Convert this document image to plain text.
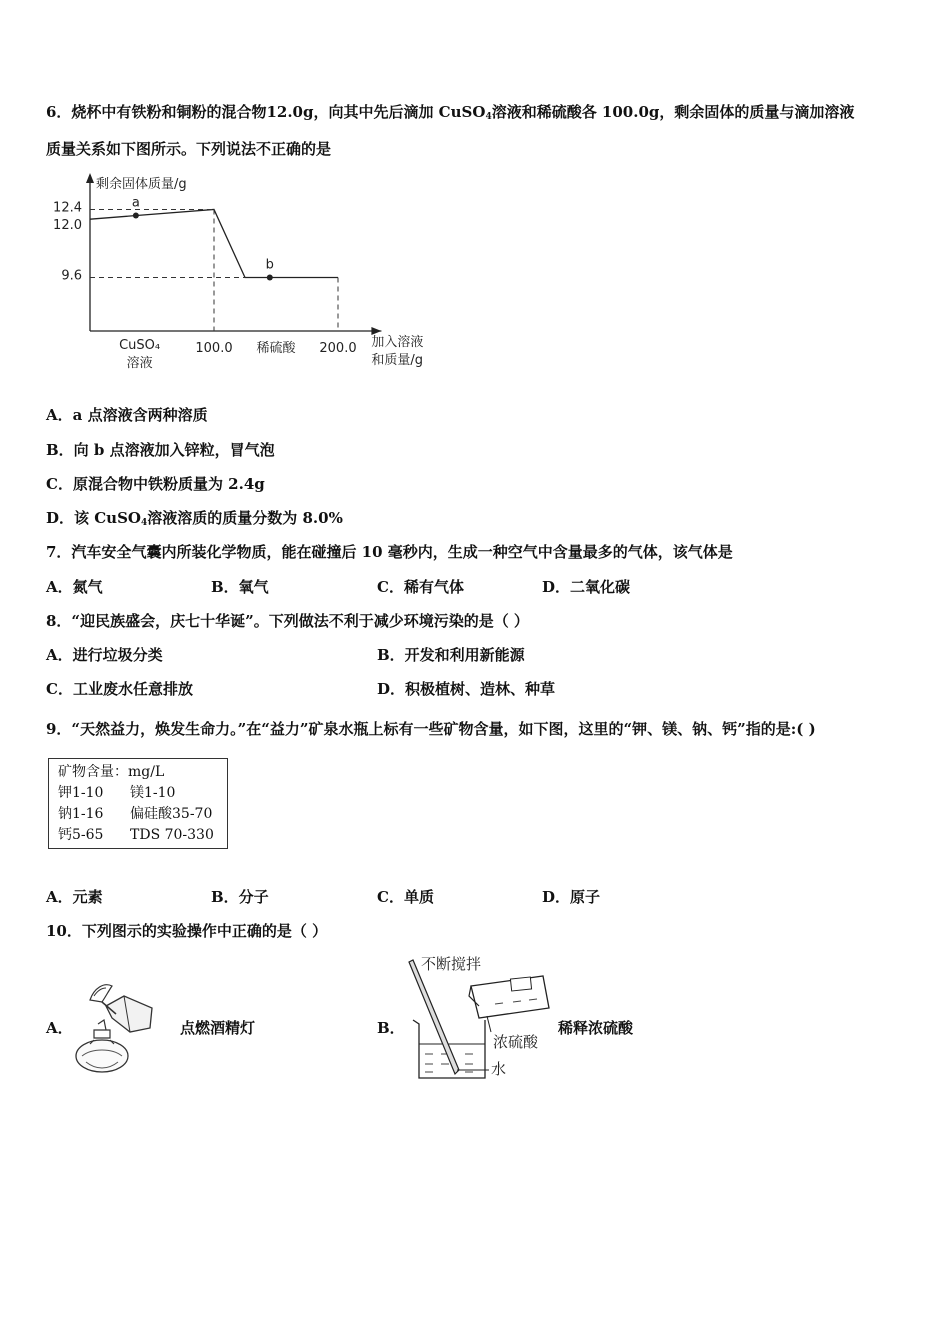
6．烧杯中有铁粉和铜粉的混合物12.0g，向其中先后滴加 CuSO$_4$溶液和稀硫酸各 100.0g，剩余固体的质量与滴加溶液
质量关系如下图所示。下列说法不正确的是
剩余固体质量/g
12.4
12.0
9.6
100.0	200.0
CuSO₄
溶液
稀硫酸	加入溶液
和质量/g
a
b
A．a 点溶液含两种溶质
B．向 b 点溶液加入锌粒，冒气泡
C．原混合物中铁粉质量为 2.4g
D．该 CuSO$_4$溶液溶质的质量分数为 8.0%
7．汽车安全气囊内所装化学物质，能在碰撞后 10 毫秒内，生成一种空气中含量最多的气体，该气体是
A．氮气	B．氧气	C．稀有气体	D．二氧化碳
8．“迎民族盛会，庆七十华诞”。下列做法不利于减少环境污染的是（ ）
A．进行垃圾分类	B．开发和利用新能源
C．工业废水任意排放	D．积极植树、造林、种草
9．“天然益力，焕发生命力。”在“益力”矿泉水瓶上标有一些矿物含量，如下图，这里的“钾、镁、钠、钙”指的是:( )
矿物含量：mg/L
钾1-10 镁1-10
钠1-16 偏硅酸35-70
钙5-65 TDS 70-330
A．元素	B．分子	C．单质	D．原子
10．下列图示的实验操作中正确的是（ ）
A．	点燃酒精灯	B．
不断搅拌
浓硫酸
水
稀释浓硫酸
